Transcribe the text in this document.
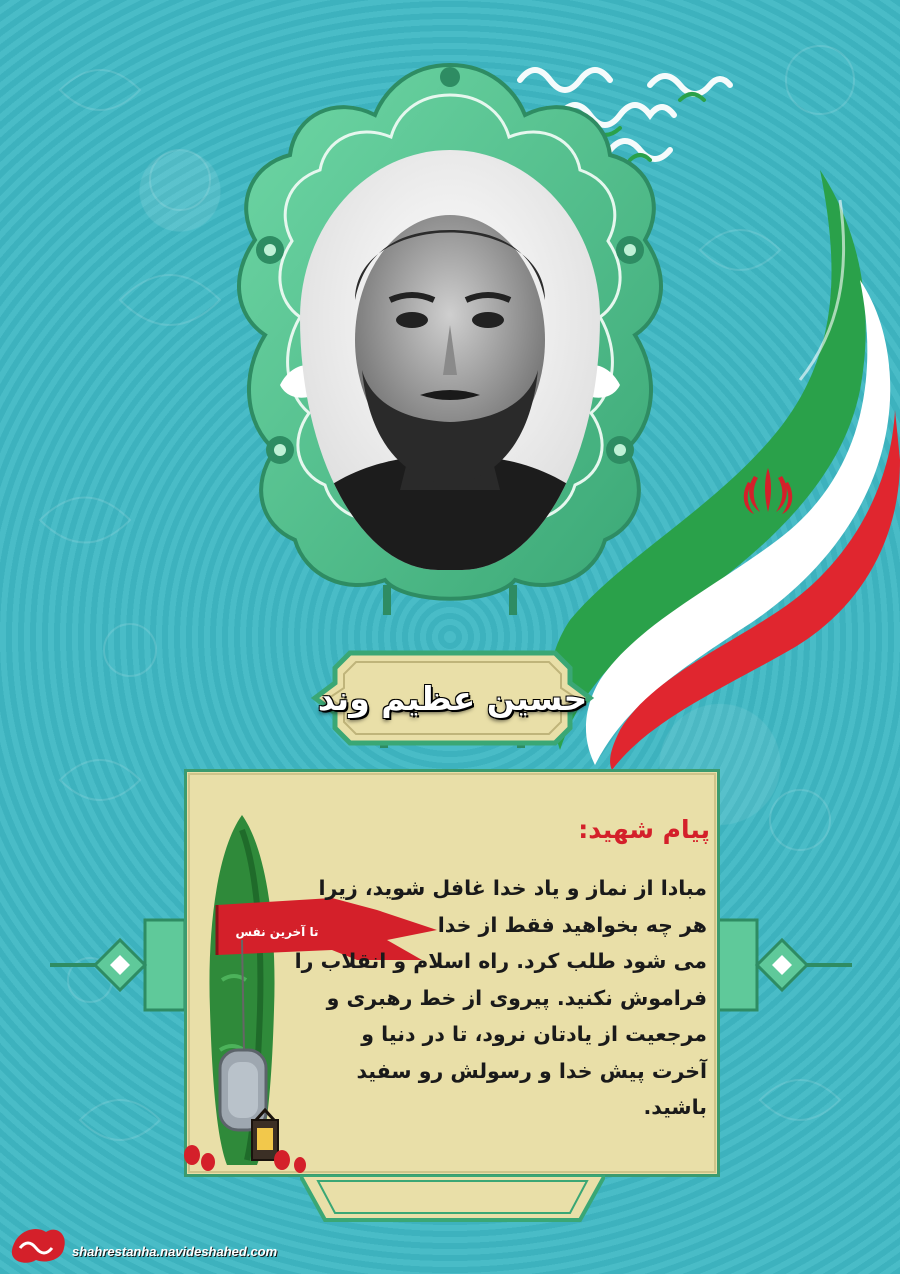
حسین عظیم وند
تا آخرین نفس
پیام شهید:
مبادا از نماز و یاد خدا غافل شوید، زیرا
هر چه بخواهید فقط از خدا
می شود طلب کرد. راه اسلام و انقلاب را
فراموش نکنید. پیروی از خط رهبری و
مرجعیت از یادتان نرود، تا در دنیا و
آخرت پیش خدا و رسولش رو سفید
باشید.
shahrestanha.navideshahed.com
